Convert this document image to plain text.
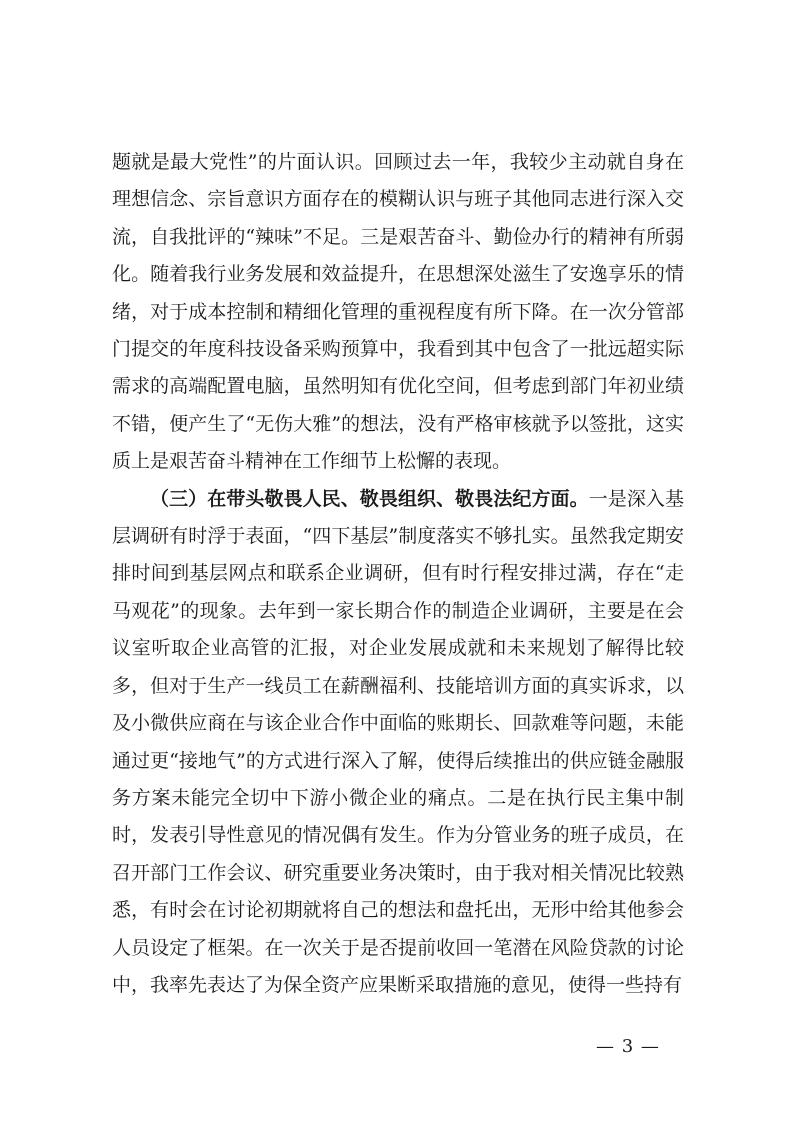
题就是最大党性”的片面认识。回顾过去一年，我较少主动就自身在理想信念、宗旨意识方面存在的模糊认识与班子其他同志进行深入交流，自我批评的“辣味”不足。三是艰苦奋斗、勤俭办行的精神有所弱化。随着我行业务发展和效益提升，在思想深处滋生了安逸享乐的情绪，对于成本控制和精细化管理的重视程度有所下降。在一次分管部门提交的年度科技设备采购预算中，我看到其中包含了一批远超实际需求的高端配置电脑，虽然明知有优化空间，但考虑到部门年初业绩不错，便产生了“无伤大雅”的想法，没有严格审核就予以签批，这实质上是艰苦奋斗精神在工作细节上松懈的表现。

（三）在带头敬畏人民、敬畏组织、敬畏法纪方面。一是深入基层调研有时浮于表面，“四下基层”制度落实不够扎实。虽然我定期安排时间到基层网点和联系企业调研，但有时行程安排过满，存在“走马观花”的现象。去年到一家长期合作的制造企业调研，主要是在会议室听取企业高管的汇报，对企业发展成就和未来规划了解得比较多，但对于生产一线员工在薪酬福利、技能培训方面的真实诉求，以及小微供应商在与该企业合作中面临的账期长、回款难等问题，未能通过更“接地气”的方式进行深入了解，使得后续推出的供应链金融服务方案未能完全切中下游小微企业的痛点。二是在执行民主集中制时，发表引导性意见的情况偶有发生。作为分管业务的班子成员，在召开部门工作会议、研究重要业务决策时，由于我对相关情况比较熟悉，有时会在讨论初期就将自己的想法和盘托出，无形中给其他参会人员设定了框架。在一次关于是否提前收回一笔潜在风险贷款的讨论中，我率先表达了为保全资产应果断采取措施的意见，使得一些持有

— 3 —
